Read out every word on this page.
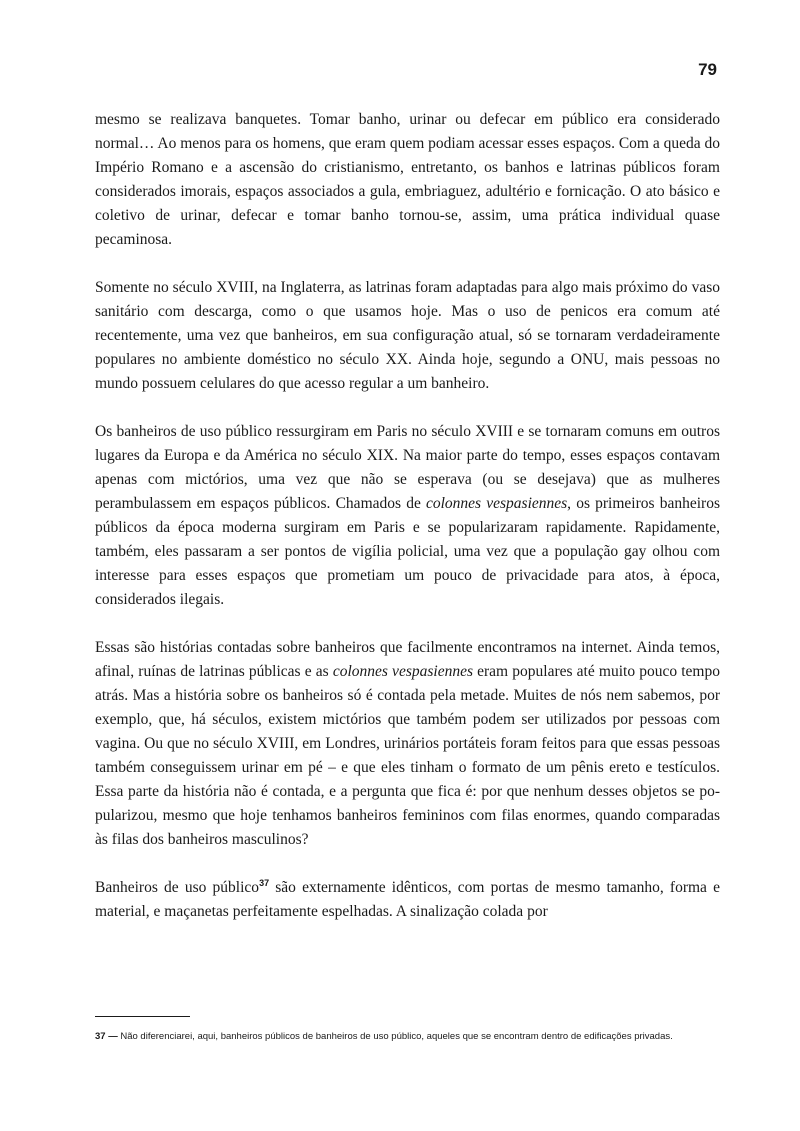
79

mesmo se realizava banquetes. Tomar banho, urinar ou defecar em público era considerado normal… Ao menos para os homens, que eram quem podiam acessar esses espaços. Com a queda do Império Romano e a ascensão do cristianismo, entretanto, os banhos e latrinas públicos foram considerados imorais, espaços associados a gula, embriaguez, adultério e fornicação. O ato básico e coletivo de urinar, defecar e tomar banho tornou-se, assim, uma prática individual quase pecaminosa.

Somente no século XVIII, na Inglaterra, as latrinas foram adaptadas para algo mais próximo do vaso sanitário com descarga, como o que usamos hoje. Mas o uso de penicos era comum até recentemente, uma vez que banheiros, em sua configuração atual, só se tornaram verdadeiramente populares no ambiente doméstico no século XX. Ainda hoje, segundo a ONU, mais pessoas no mundo possuem celulares do que acesso regular a um banheiro.

Os banheiros de uso público ressurgiram em Paris no século XVIII e se tornaram comuns em outros lugares da Europa e da América no século XIX. Na maior parte do tempo, esses espaços contavam apenas com mictórios, uma vez que não se esperava (ou se desejava) que as mulheres perambulassem em espaços públicos. Chamados de colonnes vespasiennes, os primeiros banheiros públicos da época moderna surgiram em Paris e se popularizaram rapidamente. Rapidamente, também, eles passaram a ser pontos de vigília policial, uma vez que a população gay olhou com interesse para esses espaços que prometiam um pouco de privacidade para atos, à época, considerados ilegais.

Essas são histórias contadas sobre banheiros que facilmente encontramos na internet. Ainda temos, afinal, ruínas de latrinas públicas e as colonnes vespasiennes eram populares até muito pouco tempo atrás. Mas a história sobre os banheiros só é contada pela metade. Muites de nós nem sabemos, por exemplo, que, há séculos, existem mictórios que também podem ser utilizados por pessoas com vagina. Ou que no século XVIII, em Londres, urinários portáteis foram feitos para que essas pessoas também conseguissem urinar em pé – e que eles tinham o formato de um pênis ereto e testículos. Essa parte da história não é contada, e a pergunta que fica é: por que nenhum desses objetos se popularizou, mesmo que hoje tenhamos banheiros femininos com filas enormes, quando comparadas às filas dos banheiros masculinos?

Banheiros de uso público$^{37}$ são externamente idênticos, com portas de mesmo tamanho, forma e material, e maçanetas perfeitamente espelhadas. A sinalização colada por

37 — Não diferenciarei, aqui, banheiros públicos de banheiros de uso público, aqueles que se encontram dentro de edificações privadas.
